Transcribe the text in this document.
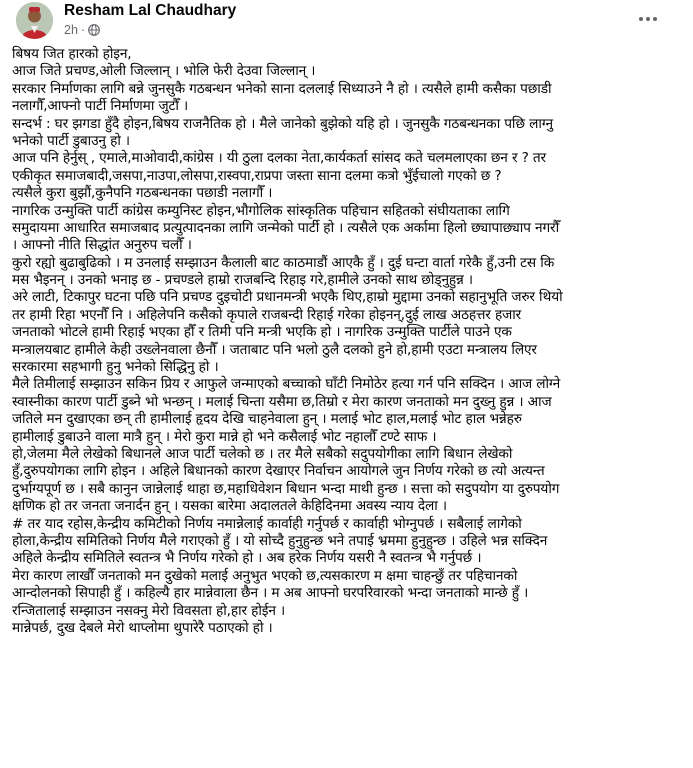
Resham Lal Chaudhary
2h ·
बिषय जित हारको होइन,
आज जिते प्रचण्ड,ओली जिल्लान् । भोलि फेरी देउवा जिल्लान् ।
सरकार निर्माणका लागि बन्ने जुनसुकै गठबन्धन भनेको साना दललाई सिध्याउने नै हो । त्यसैले हामी कसैका पछाडी
नलागौँ,आफ्नो पार्टी निर्माणमा जुटौँ ।
सन्दर्भ : घर झगडा हुँदै होइन,बिषय राजनैतिक हो । मैले जानेको बुझेको यहि हो । जुनसुकै गठबन्धनका पछि लाग्नु
भनेको पार्टी डुबाउनु हो ।
आज पनि हेर्नुस् , एमाले,माओवादी,कांग्रेस । यी ठुला दलका नेता,कार्यकर्ता सांसद कते चलमलाएका छन र ? तर
एकीकृत समाजबादी,जसपा,नाउपा,लोसपा,रास्वपा,राप्रपा जस्ता साना दलमा कत्रो भुँईचालो गएको छ ?
त्यसैले कुरा बुझौं,कुनैपनि गठबन्धनका पछाडी नलागौँ ।
नागरिक उन्मुक्ति पार्टी कांग्रेस कम्युनिस्ट होइन,भौगोलिक सांस्कृतिक पहिचान सहितको संघीयताका लागि
समुदायमा आधारित समाजबाद प्रत्युत्पादनका लागि जन्मेको पार्टी हो । त्यसैले एक अर्कामा हिलो छ्यापाछ्याप नगरौँ
। आफ्नो नीति सिद्धांत अनुरुप चलौँ ।
कुरो रह्यो बुढाबुढिको । म उनलाई सम्झाउन कैलाली बाट काठमाडौं आएकै हुँ । दुई घन्टा वार्ता गरेकै हुँ,उनी टस कि
मस भैइनन् । उनको भनाइ छ - प्रचण्डले हाम्रो राजबन्दि रिहाइ गरे,हामीले उनको साथ छोड्नुहुन्न ।
अरे लाटी, टिकापुर घटना पछि पनि प्रचण्ड दुइचोटी प्रधानमन्त्री भएकै थिए,हाम्रो मुद्दामा उनको सहानुभूति जरुर थियो
तर हामी रिहा भएनौँ नि । अहिलेपनि कसैको कृपाले राजबन्दी रिहाई गरेका होइनन्,दुई लाख अठहत्तर हजार
जनताको भोटले हामी रिहाई भएका हौँ र तिमी पनि मन्त्री भएकि हो । नागरिक उन्मुक्ति पार्टीले पाउने एक
मन्त्रालयबाट हामीले केही उख्लेनवाला छैनौँ । जताबाट पनि भलो ठुलै दलको हुने हो,हामी एउटा मन्त्रालय लिएर
सरकारमा सहभागी हुनु भनेको सिद्धिनु हो ।
मैले तिमीलाई सम्झाउन सकिन प्रिय र आफुले जन्माएको बच्चाको घाँटी निमोठेर हत्या गर्न पनि सक्दिन । आज लोग्ने
स्वास्नीका कारण पार्टी डुब्ने भो भन्छन् । मलाई चिन्ता यसैमा छ,तिम्रो र मेरा कारण जनताको मन दुख्नु हुन्न । आज
जतिले मन दुखाएका छन् ती हामीलाई हृदय देखि चाहनेवाला हुन् । मलाई भोट हाल,मलाई भोट हाल भन्नेहरु
हामीलाई डुबाउने वाला मात्रै हुन् । मेरो कुरा मान्ने हो भने कसैलाई भोट नहालौँ टण्टे साफ ।
हो,जेलमा मैले लेखेको बिधानले आज पार्टी चलेको छ । तर मैले सबैको सदुपयोगीका लागि बिधान लेखेको
हुँ,दुरुपयोगका लागि होइन । अहिले बिधानको कारण देखाएर निर्वाचन आयोगले जुन निर्णय गरेको छ त्यो अत्यन्त
दुर्भाग्यपूर्ण छ । सबै कानुन जान्नेलाई थाहा छ,महाधिवेशन बिधान भन्दा माथी हुन्छ । सत्ता को सदुपयोग या दुरुपयोग
क्षणिक हो तर जनता जनार्दन हुन् । यसका बारेमा अदालतले केहिदिनमा अवस्य न्याय देला ।
# तर याद रहोस,केन्द्रीय कमिटीको निर्णय नमान्नेलाई कार्वाही गर्नुपर्छ र कार्वाही भोग्नुपर्छ । सबैलाई लागेको
होला,केन्द्रीय समितिको निर्णय मैले गराएको हुँ । यो सोच्दै हुनुहुन्छ भने तपाई भ्रममा हुनुहुन्छ । उहिले भन्न सक्दिन
अहिले केन्द्रीय समितिले स्वतन्त्र भै निर्णय गरेको हो । अब हरेक निर्णय यसरी नै स्वतन्त्र भै गर्नुपर्छ ।
मेरा कारण लाखौँ जनताको मन दुखेको मलाई अनुभुत भएको छ,त्यसकारण म क्षमा चाहन्छुँ तर पहिचानको
आन्दोलनको सिपाही हुँ । कहिल्यै हार मान्नेवाला छैन । म अब आफ्नो घरपरिवारको भन्दा जनताको मान्छे हुँ ।
रन्जितालाई सम्झाउन नसक्नु मेरो विवसता हो,हार होईन ।
मान्नेपर्छ, दुख देबले मेरो थाप्लोमा थुपारेरै पठाएको हो ।
